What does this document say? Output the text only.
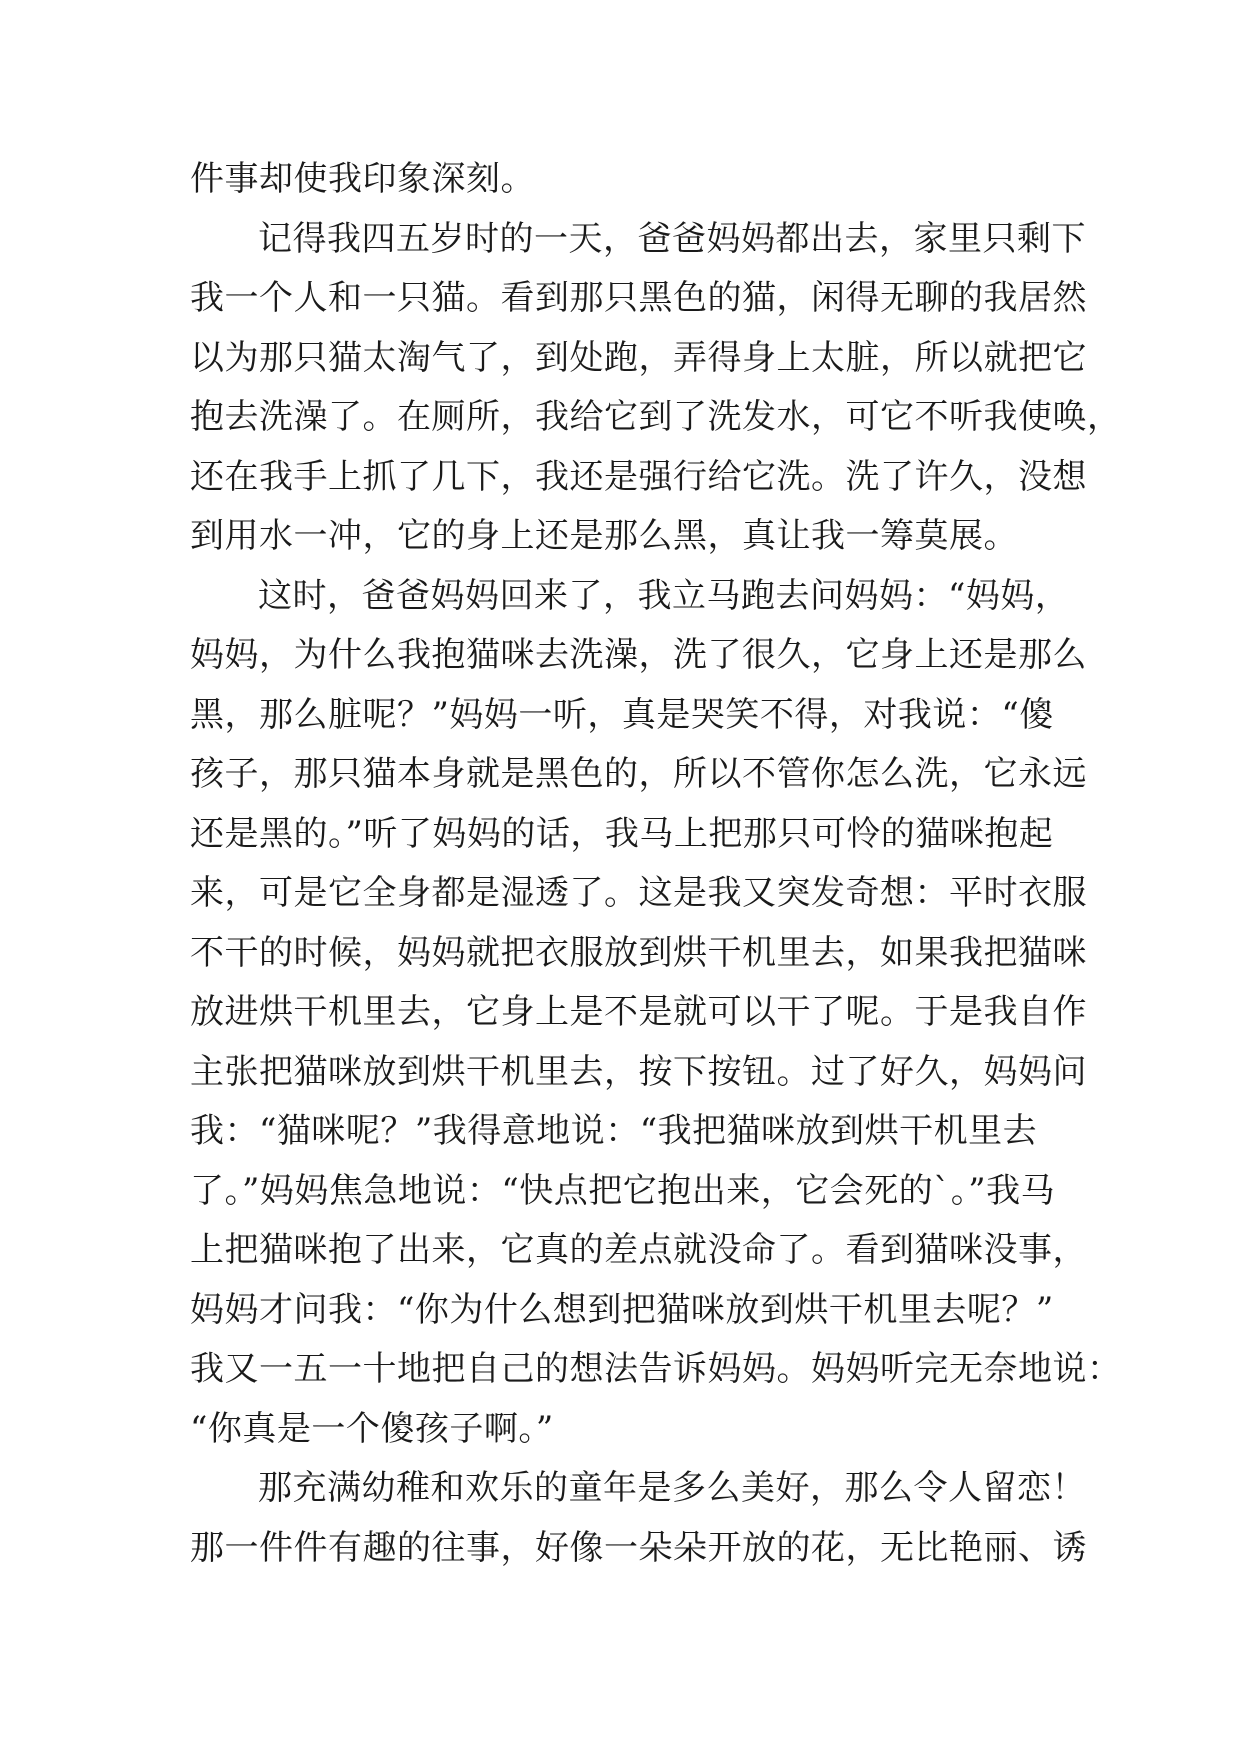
件事却使我印象深刻。
记得我四五岁时的一天，爸爸妈妈都出去，家里只剩下
我一个人和一只猫。看到那只黑色的猫，闲得无聊的我居然
以为那只猫太淘气了，到处跑，弄得身上太脏，所以就把它
抱去洗澡了。在厕所，我给它到了洗发水，可它不听我使唤，
还在我手上抓了几下，我还是强行给它洗。洗了许久，没想
到用水一冲，它的身上还是那么黑，真让我一筹莫展。
这时，爸爸妈妈回来了，我立马跑去问妈妈：“妈妈，
妈妈，为什么我抱猫咪去洗澡，洗了很久，它身上还是那么
黑，那么脏呢？”妈妈一听，真是哭笑不得，对我说：“傻
孩子，那只猫本身就是黑色的，所以不管你怎么洗，它永远
还是黑的。”听了妈妈的话，我马上把那只可怜的猫咪抱起
来，可是它全身都是湿透了。这是我又突发奇想：平时衣服
不干的时候，妈妈就把衣服放到烘干机里去，如果我把猫咪
放进烘干机里去，它身上是不是就可以干了呢。于是我自作
主张把猫咪放到烘干机里去，按下按钮。过了好久，妈妈问
我：“猫咪呢？”我得意地说：“我把猫咪放到烘干机里去
了。”妈妈焦急地说：“快点把它抱出来，它会死的`。”我马
上把猫咪抱了出来，它真的差点就没命了。看到猫咪没事，
妈妈才问我：“你为什么想到把猫咪放到烘干机里去呢？”
我又一五一十地把自己的想法告诉妈妈。妈妈听完无奈地说：
“你真是一个傻孩子啊。”
那充满幼稚和欢乐的童年是多么美好，那么令人留恋！
那一件件有趣的往事，好像一朵朵开放的花，无比艳丽、诱
